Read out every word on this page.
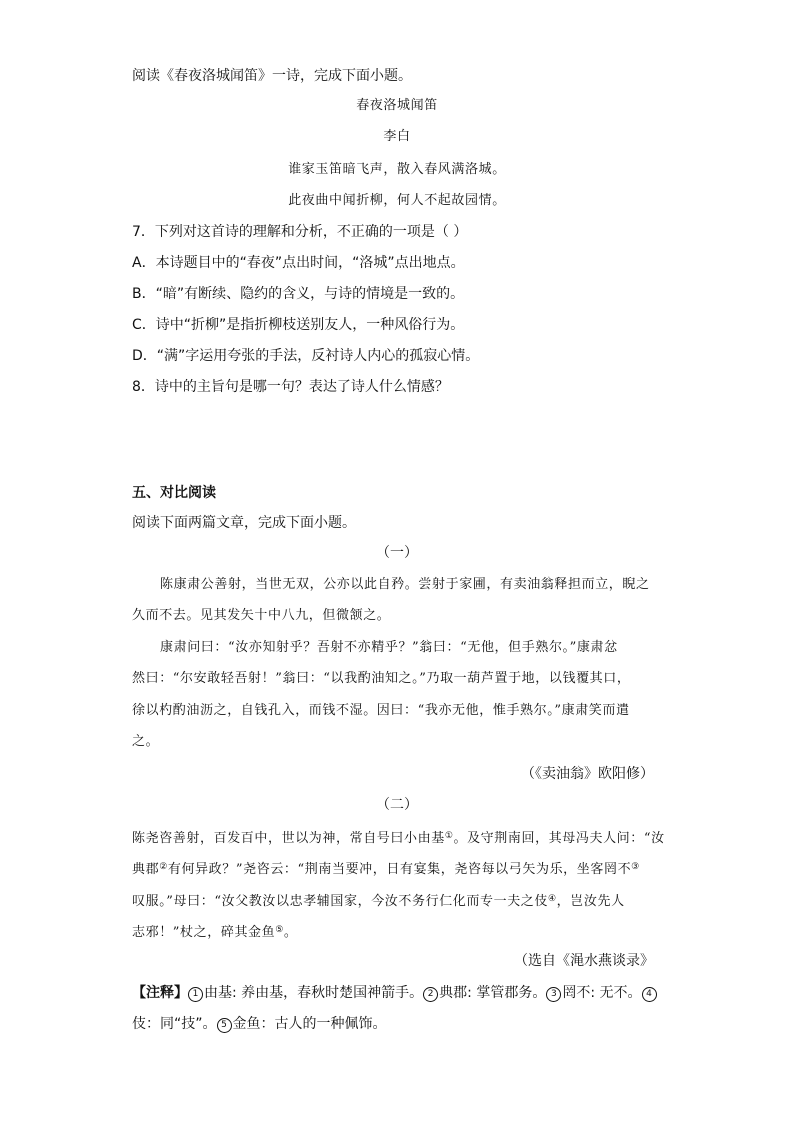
阅读《春夜洛城闻笛》一诗，完成下面小题。
春夜洛城闻笛
李白
谁家玉笛暗飞声，散入春风满洛城。
此夜曲中闻折柳，何人不起故园情。
7．下列对这首诗的理解和分析，不正确的一项是（ ）
A．本诗题目中的“春夜”点出时间，“洛城”点出地点。
B．“暗”有断续、隐约的含义，与诗的情境是一致的。
C．诗中“折柳”是指折柳枝送别友人，一种风俗行为。
D．“满”字运用夸张的手法，反衬诗人内心的孤寂心情。
8．诗中的主旨句是哪一句？表达了诗人什么情感？
五、对比阅读
阅读下面两篇文章，完成下面小题。
（一）
陈康肃公善射，当世无双，公亦以此自矜。尝射于家圃，有卖油翁释担而立，睨之
久而不去。见其发矢十中八九，但微颔之。
康肃问曰：“汝亦知射乎？吾射不亦精乎？”翁曰：“无他，但手熟尔。”康肃忿
然曰：“尔安敢轻吾射！”翁曰：“以我酌油知之。”乃取一葫芦置于地，以钱覆其口，
徐以杓酌油沥之，自钱孔入，而钱不湿。因曰：“我亦无他，惟手熟尔。”康肃笑而遣
之。
（《卖油翁》欧阳修）
（二）
陈尧咨善射，百发百中，世以为神，常自号曰小由基①。及守荆南回，其母冯夫人问：“汝
典郡②有何异政？”尧咨云：“荆南当要冲，日有宴集，尧咨每以弓矢为乐，坐客罔不③
叹服。”母曰：“汝父教汝以忠孝辅国家，今汝不务行仁化而专一夫之伎④，岂汝先人
志邪！”杖之，碎其金鱼⑤。
（选自《渑水燕谈录》
【注释】 1 由基: 养由基，春秋时楚国神箭手。 2 典郡: 掌管郡务。 3 罔不: 无不。 4
伎：同“技”。 5 金鱼：古人的一种佩饰。
